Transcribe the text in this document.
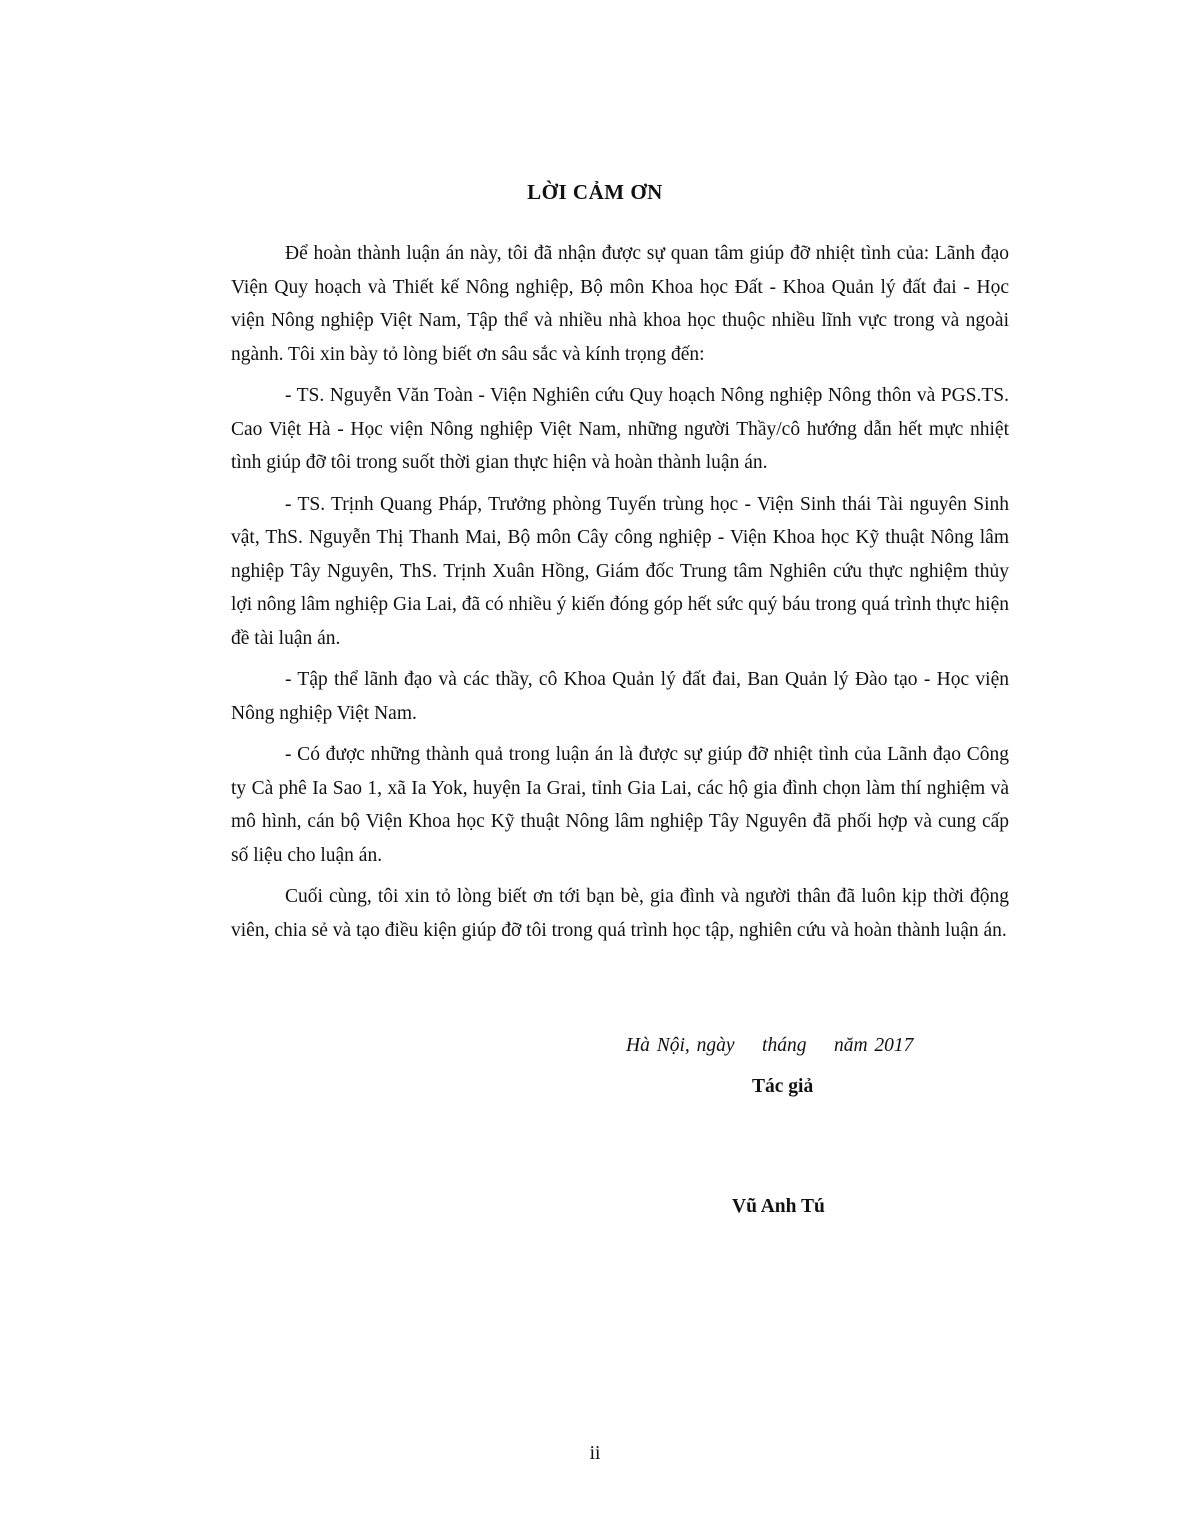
LỜI CẢM ƠN

Để hoàn thành luận án này, tôi đã nhận được sự quan tâm giúp đỡ nhiệt tình của: Lãnh đạo Viện Quy hoạch và Thiết kế Nông nghiệp, Bộ môn Khoa học Đất - Khoa Quản lý đất đai - Học viện Nông nghiệp Việt Nam, Tập thể và nhiều nhà khoa học thuộc nhiều lĩnh vực trong và ngoài ngành. Tôi xin bày tỏ lòng biết ơn sâu sắc và kính trọng đến:

- TS. Nguyễn Văn Toàn - Viện Nghiên cứu Quy hoạch Nông nghiệp Nông thôn và PGS.TS. Cao Việt Hà - Học viện Nông nghiệp Việt Nam, những người Thầy/cô hướng dẫn hết mực nhiệt tình giúp đỡ tôi trong suốt thời gian thực hiện và hoàn thành luận án.

- TS. Trịnh Quang Pháp, Trưởng phòng Tuyến trùng học - Viện Sinh thái Tài nguyên Sinh vật, ThS. Nguyễn Thị Thanh Mai, Bộ môn Cây công nghiệp - Viện Khoa học Kỹ thuật Nông lâm nghiệp Tây Nguyên, ThS. Trịnh Xuân Hồng, Giám đốc Trung tâm Nghiên cứu thực nghiệm thủy lợi nông lâm nghiệp Gia Lai, đã có nhiều ý kiến đóng góp hết sức quý báu trong quá trình thực hiện đề tài luận án.

- Tập thể lãnh đạo và các thầy, cô Khoa Quản lý đất đai, Ban Quản lý Đào tạo - Học viện Nông nghiệp Việt Nam.

- Có được những thành quả trong luận án là được sự giúp đỡ nhiệt tình của Lãnh đạo Công ty Cà phê Ia Sao 1, xã Ia Yok, huyện Ia Grai, tỉnh Gia Lai, các hộ gia đình chọn làm thí nghiệm và mô hình, cán bộ Viện Khoa học Kỹ thuật Nông lâm nghiệp Tây Nguyên đã phối hợp và cung cấp số liệu cho luận án.

Cuối cùng, tôi xin tỏ lòng biết ơn tới bạn bè, gia đình và người thân đã luôn kịp thời động viên, chia sẻ và tạo điều kiện giúp đỡ tôi trong quá trình học tập, nghiên cứu và hoàn thành luận án.

Hà Nội, ngày    tháng    năm 2017
Tác giả
Vũ Anh Tú
ii
